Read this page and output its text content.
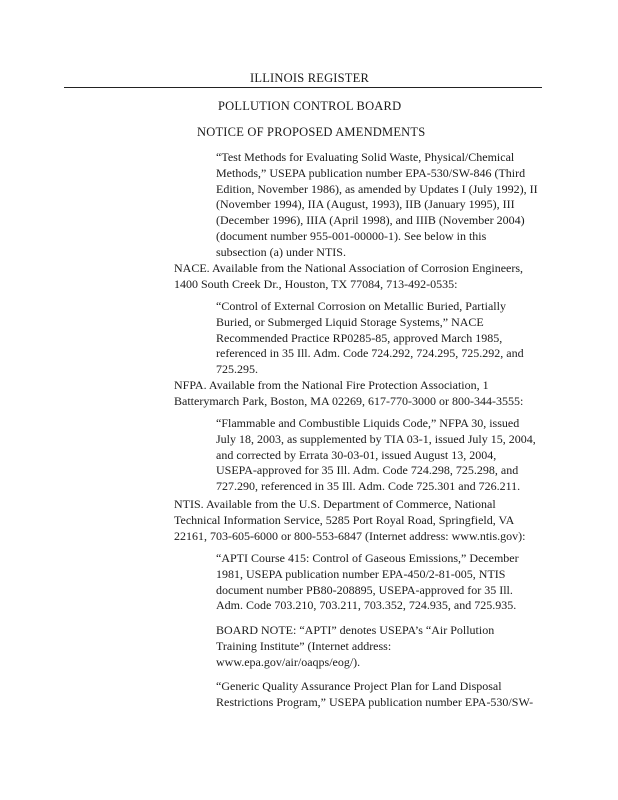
ILLINOIS REGISTER
POLLUTION CONTROL BOARD
NOTICE OF PROPOSED AMENDMENTS
“Test Methods for Evaluating Solid Waste, Physical/Chemical
Methods,” USEPA publication number EPA-530/SW-846 (Third
Edition, November 1986), as amended by Updates I (July 1992), II
(November 1994), IIA (August, 1993), IIB (January 1995), III
(December 1996), IIIA (April 1998), and IIIB (November 2004)
(document number 955-001-00000-1). See below in this
subsection (a) under NTIS.
NACE. Available from the National Association of Corrosion Engineers,
1400 South Creek Dr., Houston, TX 77084, 713-492-0535:
“Control of External Corrosion on Metallic Buried, Partially
Buried, or Submerged Liquid Storage Systems,” NACE
Recommended Practice RP0285-85, approved March 1985,
referenced in 35 Ill. Adm. Code 724.292, 724.295, 725.292, and
725.295.
NFPA. Available from the National Fire Protection Association, 1
Batterymarch Park, Boston, MA 02269, 617-770-3000 or 800-344-3555:
“Flammable and Combustible Liquids Code,” NFPA 30, issued
July 18, 2003, as supplemented by TIA 03-1, issued July 15, 2004,
and corrected by Errata 30-03-01, issued August 13, 2004,
USEPA-approved for 35 Ill. Adm. Code 724.298, 725.298, and
727.290, referenced in 35 Ill. Adm. Code 725.301 and 726.211.
NTIS. Available from the U.S. Department of Commerce, National
Technical Information Service, 5285 Port Royal Road, Springfield, VA
22161, 703-605-6000 or 800-553-6847 (Internet address: www.ntis.gov):
“APTI Course 415: Control of Gaseous Emissions,” December
1981, USEPA publication number EPA-450/2-81-005, NTIS
document number PB80-208895, USEPA-approved for 35 Ill.
Adm. Code 703.210, 703.211, 703.352, 724.935, and 725.935.
BOARD NOTE: “APTI” denotes USEPA’s “Air Pollution
Training Institute” (Internet address:
www.epa.gov/air/oaqps/eog/).
“Generic Quality Assurance Project Plan for Land Disposal
Restrictions Program,” USEPA publication number EPA-530/SW-
